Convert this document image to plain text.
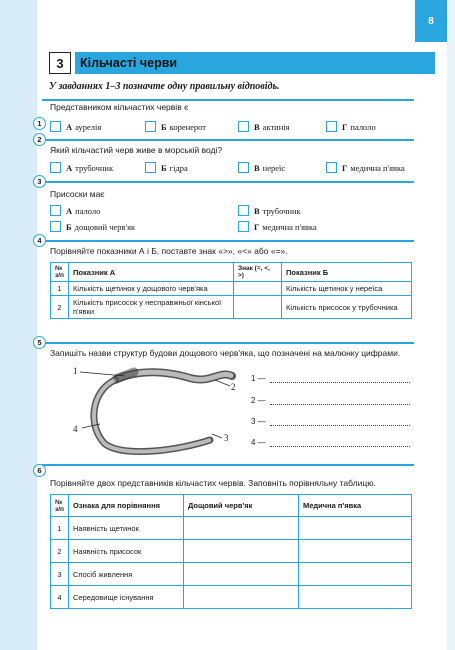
8
3	Кільчасті черви
У завданнях 1–3 позначте одну правильну відповідь.
1
Представником кільчастих червів є
А аурелія	Б коренерот	В актинія	Г палоло
2
Який кільчастий черв живе в морській воді?
А трубочник	Б гідра	В нереїс	Г медична п'явка
3
Присоски має
А палоло
Б дощовий черв'як
В трубочник
Г медична п'явка
4
Порівняйте показники А і Б, поставте знак «>», «<» або «=».
№ з/п	Показник А	Знак (=, <, >)	Показник Б
1	Кількість щетинок у дощового черв'яка		Кількість щетинок у нереїса
2	Кількість присосок у несправжньої кінської п'явки		Кількість присосок у трубочника
5
Запишіть назви структур будови дощового черв'яка, що позначені на малюнку цифрами.
1
2
3
4
1 —
2 —
3 —
4 —
6
Порівняйте двох представників кільчастих червів. Заповніть порівняльну таблицю.
№ з/п	Ознака для порівняння	Дощовий черв'як	Медична п'явка
1	Наявність щетинок		
2	Наявність присосок		
3	Спосіб живлення		
4	Середовище існування		
